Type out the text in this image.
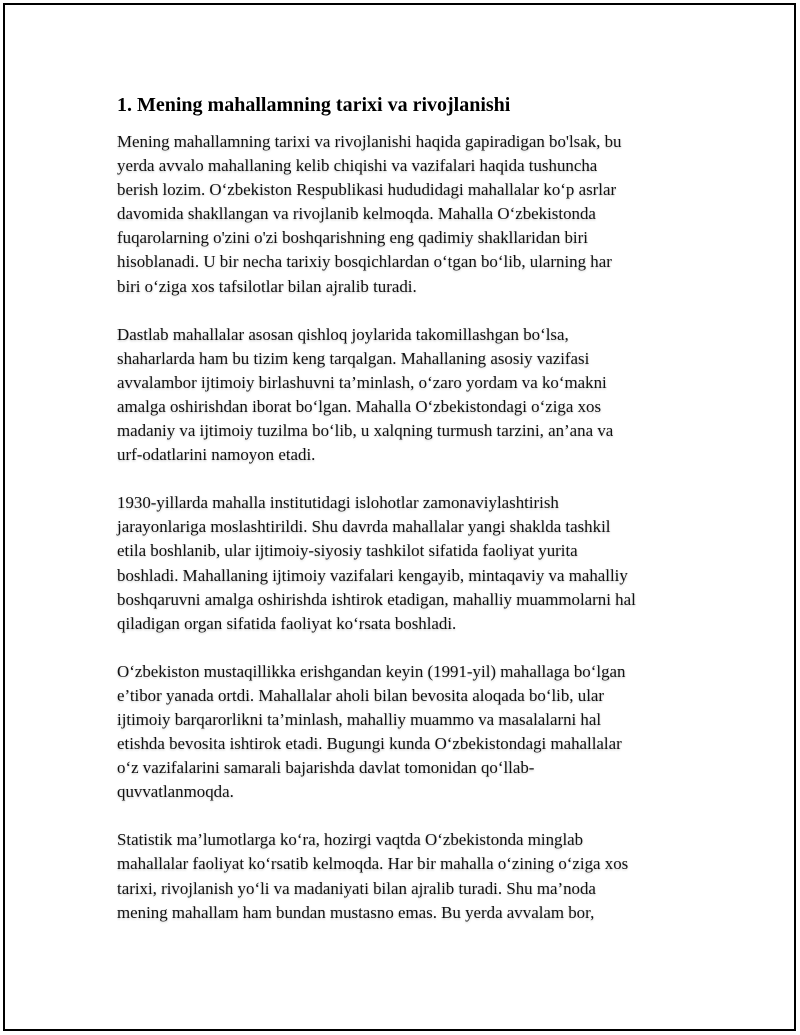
1. Mening mahallamning tarixi va rivojlanishi

Mening mahallamning tarixi va rivojlanishi haqida gapiradigan bo'lsak, bu
yerda avvalo mahallaning kelib chiqishi va vazifalari haqida tushuncha
berish lozim. O‘zbekiston Respublikasi hududidagi mahallalar ko‘p asrlar
davomida shakllangan va rivojlanib kelmoqda. Mahalla O‘zbekistonda
fuqarolarning o'zini o'zi boshqarishning eng qadimiy shakllaridan biri
hisoblanadi. U bir necha tarixiy bosqichlardan o‘tgan bo‘lib, ularning har
biri o‘ziga xos tafsilotlar bilan ajralib turadi.

Dastlab mahallalar asosan qishloq joylarida takomillashgan bo‘lsa,
shaharlarda ham bu tizim keng tarqalgan. Mahallaning asosiy vazifasi
avvalambor ijtimoiy birlashuvni ta’minlash, o‘zaro yordam va ko‘makni
amalga oshirishdan iborat bo‘lgan. Mahalla O‘zbekistondagi o‘ziga xos
madaniy va ijtimoiy tuzilma bo‘lib, u xalqning turmush tarzini, an’ana va
urf-odatlarini namoyon etadi.

1930-yillarda mahalla institutidagi islohotlar zamonaviylashtirish
jarayonlariga moslashtirildi. Shu davrda mahallalar yangi shaklda tashkil
etila boshlanib, ular ijtimoiy-siyosiy tashkilot sifatida faoliyat yurita
boshladi. Mahallaning ijtimoiy vazifalari kengayib, mintaqaviy va mahalliy
boshqaruvni amalga oshirishda ishtirok etadigan, mahalliy muammolarni hal
qiladigan organ sifatida faoliyat ko‘rsata boshladi.

O‘zbekiston mustaqillikka erishgandan keyin (1991-yil) mahallaga bo‘lgan
e’tibor yanada ortdi. Mahallalar aholi bilan bevosita aloqada bo‘lib, ular
ijtimoiy barqarorlikni ta’minlash, mahalliy muammo va masalalarni hal
etishda bevosita ishtirok etadi. Bugungi kunda O‘zbekistondagi mahallalar
o‘z vazifalarini samarali bajarishda davlat tomonidan qo‘llab-
quvvatlanmoqda.

Statistik ma’lumotlarga ko‘ra, hozirgi vaqtda O‘zbekistonda minglab
mahallalar faoliyat ko‘rsatib kelmoqda. Har bir mahalla o‘zining o‘ziga xos
tarixi, rivojlanish yo‘li va madaniyati bilan ajralib turadi. Shu ma’noda
mening mahallam ham bundan mustasno emas. Bu yerda avvalam bor,
